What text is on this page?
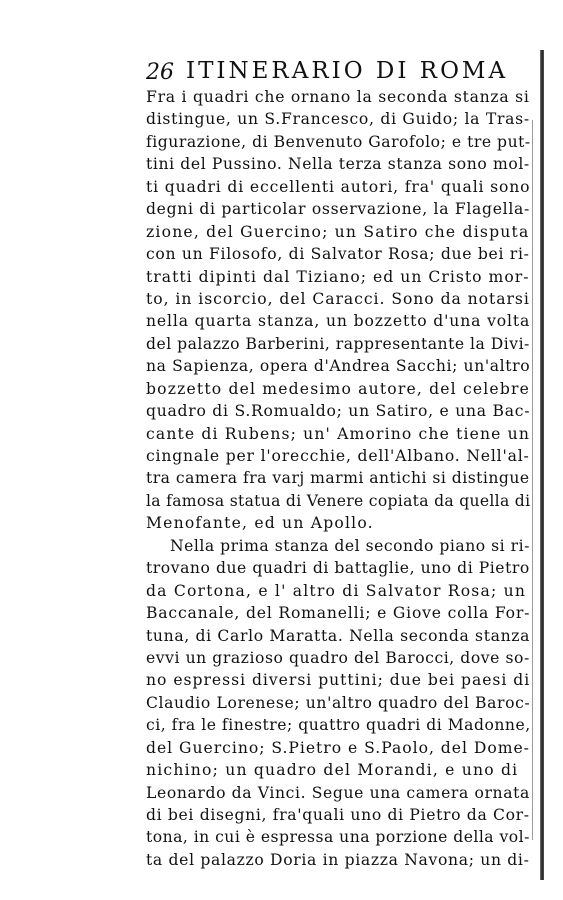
26 ITINERARIO DI ROMA
Fra i quadri che ornano la seconda stanza si
distingue, un S.Francesco, di Guido; la Tras-
figurazione, di Benvenuto Garofolo; e tre put-
tini del Pussino. Nella terza stanza sono mol-
ti quadri di eccellenti autori, fra' quali sono
degni di particolar osservazione, la Flagella-
zione, del Guercino; un Satiro che disputa
con un Filosofo, di Salvator Rosa; due bei ri-
tratti dipinti dal Tiziano; ed un Cristo mor-
to, in iscorcio, del Caracci. Sono da notarsi
nella quarta stanza, un bozzetto d'una volta
del palazzo Barberini, rappresentante la Divi-
na Sapienza, opera d'Andrea Sacchi; un'altro
bozzetto del medesimo autore, del celebre
quadro di S.Romualdo; un Satiro, e una Bac-
cante di Rubens; un' Amorino che tiene un
cingnale per l'orecchie, dell'Albano. Nell'al-
tra camera fra varj marmi antichi si distingue
la famosa statua di Venere copiata da quella di
Menofante, ed un Apollo.
Nella prima stanza del secondo piano si ri-
trovano due quadri di battaglie, uno di Pietro
da Cortona, e l' altro di Salvator Rosa; un
Baccanale, del Romanelli; e Giove colla For-
tuna, di Carlo Maratta. Nella seconda stanza
evvi un grazioso quadro del Barocci, dove so-
no espressi diversi puttini; due bei paesi di
Claudio Lorenese; un'altro quadro del Baroc-
ci, fra le finestre; quattro quadri di Madonne,
del Guercino; S.Pietro e S.Paolo, del Dome-
nichino; un quadro del Morandi, e uno di
Leonardo da Vinci. Segue una camera ornata
di bei disegni, fra'quali uno di Pietro da Cor-
tona, in cui è espressa una porzione della vol-
ta del palazzo Doria in piazza Navona; un di-
